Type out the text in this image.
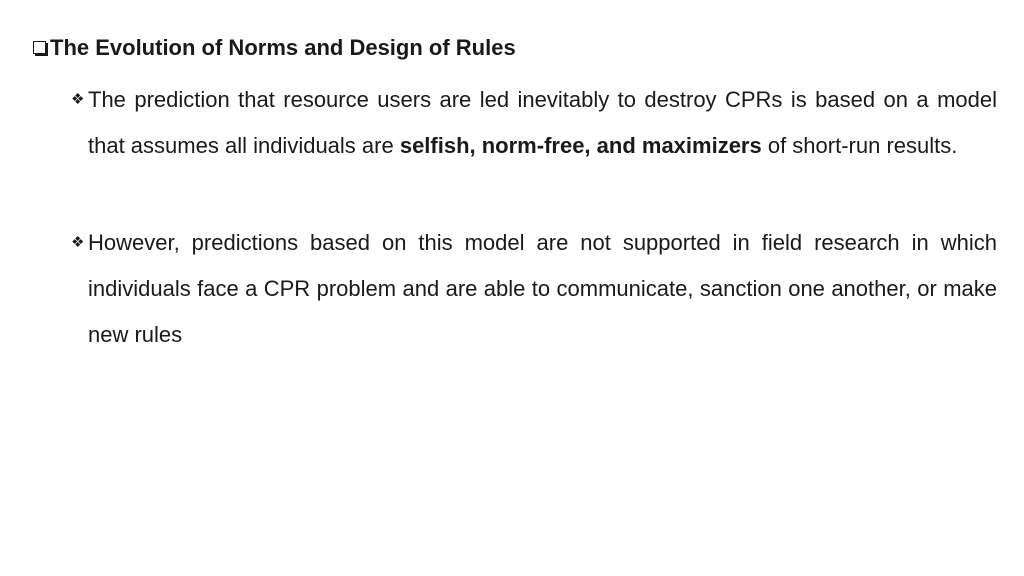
The Evolution of Norms and Design of Rules
❖ The prediction that resource users are led inevitably to destroy CPRs is based on a model that assumes all individuals are selfish, norm-free, and maximizers of short-run results.
❖ However, predictions based on this model are not supported in field research in which individuals face a CPR problem and are able to communicate, sanction one another, or make new rules
